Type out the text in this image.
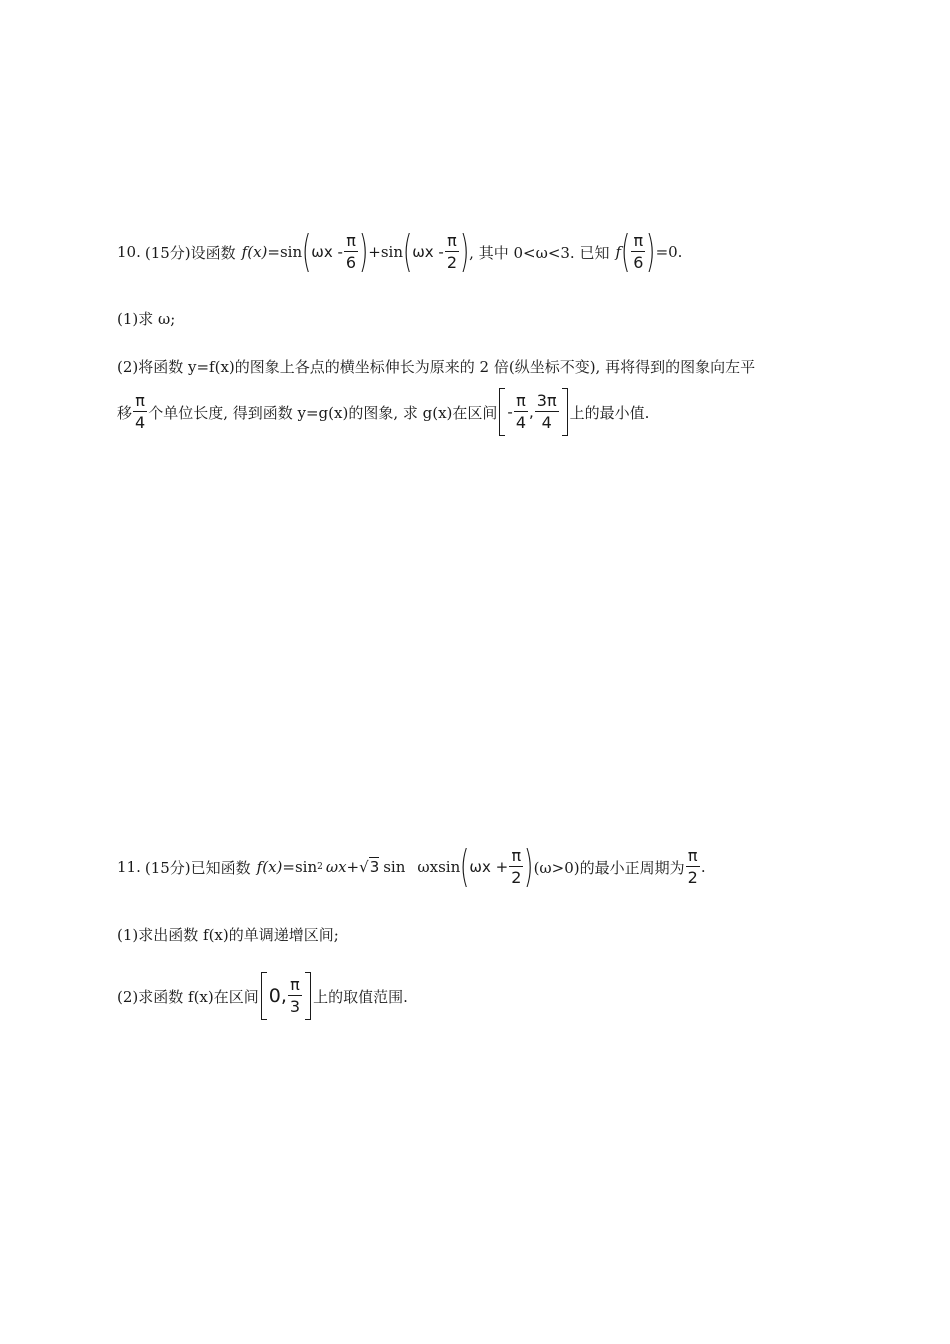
10. (15分) 设函数 f(x) =sin ( ωx - $\frac{\pi}{6}$ ) +sin ( ωx - $\frac{\pi}{2}$ ) , 其中 0<ω<3. 已知 f ( $\frac{\pi}{6}$ ) =0.
(1)求 ω;
(2)将函数 y=f(x)的图象上各点的横坐标伸长为原来的 2 倍(纵坐标不变), 再将得到的图象向左平
移 $\frac{\pi}{4}$ 个单位长度, 得到函数 y=g(x)的图象, 求 g(x)在区间 - $\frac{\pi}{4}$ , $\frac{3\pi}{4}$ 上的最小值.
11. (15分) 已知函数 f(x) =sin 2 ωx+ √3 sin ωxsin ( $\omega x + \frac{\pi}{2}$ ) (ω>0)的最小正周期为 $\frac{\pi}{2}$ .
(1)求出函数 f(x)的单调递增区间;
(2)求函数 f(x)在区间 0 , $\frac{\pi}{3}$ 上的取值范围.
